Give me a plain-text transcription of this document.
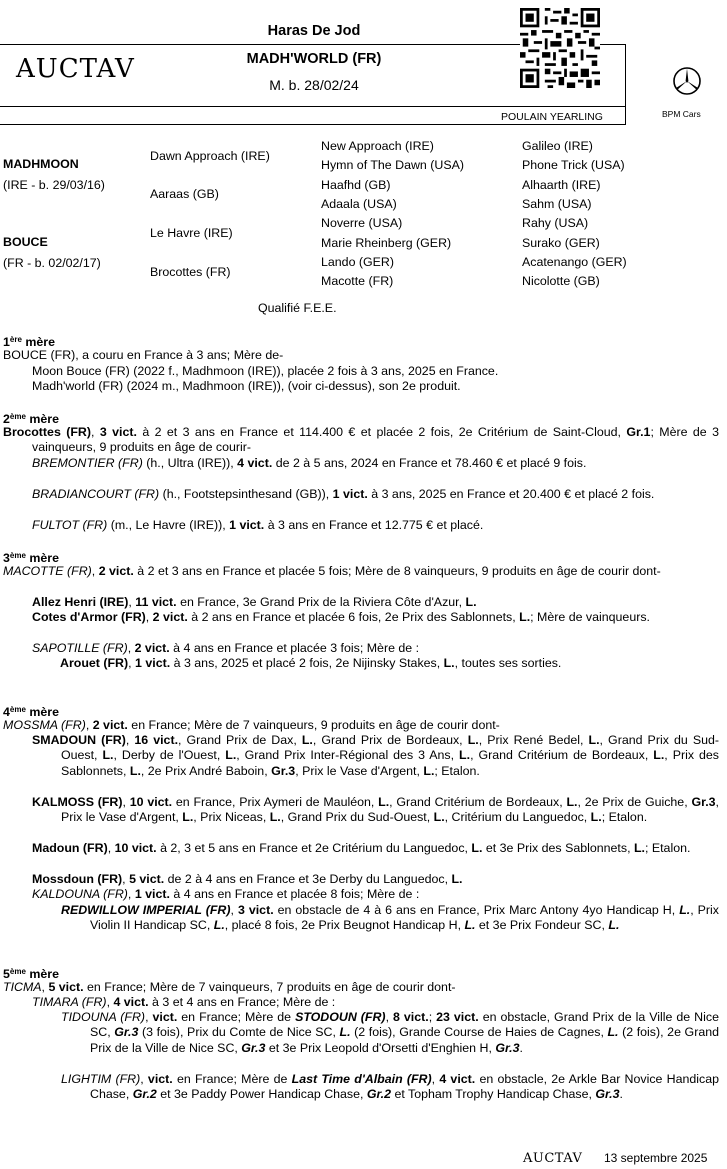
Haras De Jod
AUCTAV	MADH'WORLD (FR)
M. b. 28/02/24
POULAIN YEARLING	BPM Cars
MADHMOON
(IRE - b. 29/03/16)
BOUCE
(FR - b. 02/02/17)
Dawn Approach (IRE)
Aaraas (GB)
Le Havre (IRE)
Brocottes (FR)
New Approach (IRE)
Hymn of The Dawn (USA)
Haafhd (GB)
Adaala (USA)
Noverre (USA)
Marie Rheinberg (GER)
Lando (GER)
Macotte (FR)
Galileo (IRE)
Phone Trick (USA)
Alhaarth (IRE)
Sahm (USA)
Rahy (USA)
Surako (GER)
Acatenango (GER)
Nicolotte (GB)
Qualifié F.E.E.
1ère mère
BOUCE (FR), a couru en France à 3 ans; Mère de-
Moon Bouce (FR) (2022 f., Madhmoon (IRE)), placée 2 fois à 3 ans, 2025 en France.
Madh'world (FR) (2024 m., Madhmoon (IRE)), (voir ci-dessus), son 2e produit.
2ème mère
Brocottes (FR), 3 vict. à 2 et 3 ans en France et 114.400 € et placée 2 fois, 2e Critérium de Saint-Cloud, Gr.1; Mère de 3 vainqueurs, 9 produits en âge de courir-
BREMONTIER (FR) (h., Ultra (IRE)), 4 vict. de 2 à 5 ans, 2024 en France et 78.460 € et placé 9 fois.
BRADIANCOURT (FR) (h., Footstepsinthesand (GB)), 1 vict. à 3 ans, 2025 en France et 20.400 € et placé 2 fois.
FULTOT (FR) (m., Le Havre (IRE)), 1 vict. à 3 ans en France et 12.775 € et placé.
3ème mère
MACOTTE (FR), 2 vict. à 2 et 3 ans en France et placée 5 fois; Mère de 8 vainqueurs, 9 produits en âge de courir dont-
Allez Henri (IRE), 11 vict. en France, 3e Grand Prix de la Riviera Côte d'Azur, L.
Cotes d'Armor (FR), 2 vict. à 2 ans en France et placée 6 fois, 2e Prix des Sablonnets, L.; Mère de vainqueurs.
SAPOTILLE (FR), 2 vict. à 4 ans en France et placée 3 fois; Mère de :
Arouet (FR), 1 vict. à 3 ans, 2025 et placé 2 fois, 2e Nijinsky Stakes, L., toutes ses sorties.
4ème mère
MOSSMA (FR), 2 vict. en France; Mère de 7 vainqueurs, 9 produits en âge de courir dont-
SMADOUN (FR), 16 vict., Grand Prix de Dax, L., Grand Prix de Bordeaux, L., Prix René Bedel, L., Grand Prix du Sud-Ouest, L., Derby de l'Ouest, L., Grand Prix Inter-Régional des 3 Ans, L., Grand Critérium de Bordeaux, L., Prix des Sablonnets, L., 2e Prix André Baboin, Gr.3, Prix le Vase d'Argent, L.; Etalon.
KALMOSS (FR), 10 vict. en France, Prix Aymeri de Mauléon, L., Grand Critérium de Bordeaux, L., 2e Prix de Guiche, Gr.3, Prix le Vase d'Argent, L., Prix Niceas, L., Grand Prix du Sud-Ouest, L., Critérium du Languedoc, L.; Etalon.
Madoun (FR), 10 vict. à 2, 3 et 5 ans en France et 2e Critérium du Languedoc, L. et 3e Prix des Sablonnets, L.; Etalon.
Mossdoun (FR), 5 vict. de 2 à 4 ans en France et 3e Derby du Languedoc, L.
KALDOUNA (FR), 1 vict. à 4 ans en France et placée 8 fois; Mère de :
REDWILLOW IMPERIAL (FR), 3 vict. en obstacle de 4 à 6 ans en France, Prix Marc Antony 4yo Handicap H, L., Prix Violin II Handicap SC, L., placé 8 fois, 2e Prix Beugnot Handicap H, L. et 3e Prix Fondeur SC, L.
5ème mère
TICMA, 5 vict. en France; Mère de 7 vainqueurs, 7 produits en âge de courir dont-
TIMARA (FR), 4 vict. à 3 et 4 ans en France; Mère de :
TIDOUNA (FR), vict. en France; Mère de STODOUN (FR), 8 vict.; 23 vict. en obstacle, Grand Prix de la Ville de Nice SC, Gr.3 (3 fois), Prix du Comte de Nice SC, L. (2 fois), Grande Course de Haies de Cagnes, L. (2 fois), 2e Grand Prix de la Ville de Nice SC, Gr.3 et 3e Prix Leopold d'Orsetti d'Enghien H, Gr.3.
LIGHTIM (FR), vict. en France; Mère de Last Time d'Albain (FR), 4 vict. en obstacle, 2e Arkle Bar Novice Handicap Chase, Gr.2 et 3e Paddy Power Handicap Chase, Gr.2 et Topham Trophy Handicap Chase, Gr.3.
AUCTAV 13 septembre 2025
